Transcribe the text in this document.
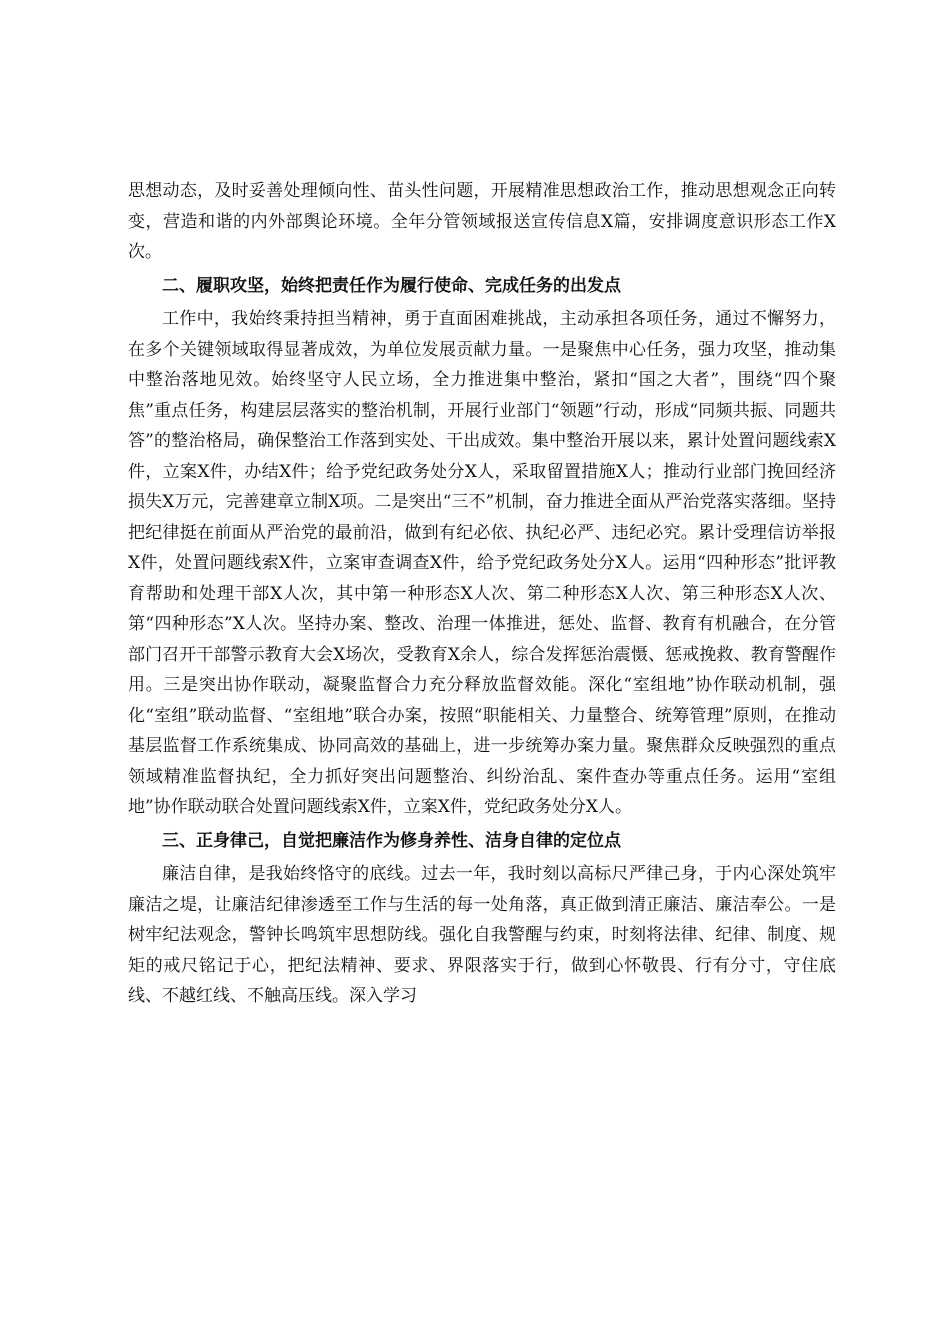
思想动态，及时妥善处理倾向性、苗头性问题，开展精准思想政治工作，推动思想观念正向转变，营造和谐的内外部舆论环境。全年分管领域报送宣传信息X篇，安排调度意识形态工作X次。

二、履职攻坚，始终把责任作为履行使命、完成任务的出发点

工作中，我始终秉持担当精神，勇于直面困难挑战，主动承担各项任务，通过不懈努力，在多个关键领域取得显著成效，为单位发展贡献力量。一是聚焦中心任务，强力攻坚，推动集中整治落地见效。始终坚守人民立场，全力推进集中整治，紧扣“国之大者”，围绕“四个聚焦”重点任务，构建层层落实的整治机制，开展行业部门“领题”行动，形成“同频共振、同题共答”的整治格局，确保整治工作落到实处、干出成效。集中整治开展以来，累计处置问题线索X件，立案X件，办结X件；给予党纪政务处分X人，采取留置措施X人；推动行业部门挽回经济损失X万元，完善建章立制X项。二是突出“三不”机制，奋力推进全面从严治党落实落细。坚持把纪律挺在前面从严治党的最前沿，做到有纪必依、执纪必严、违纪必究。累计受理信访举报X件，处置问题线索X件，立案审查调查X件，给予党纪政务处分X人。运用“四种形态”批评教育帮助和处理干部X人次，其中第一种形态X人次、第二种形态X人次、第三种形态X人次、第“四种形态”X人次。坚持办案、整改、治理一体推进，惩处、监督、教育有机融合，在分管部门召开干部警示教育大会X场次，受教育X余人，综合发挥惩治震慑、惩戒挽救、教育警醒作用。三是突出协作联动，凝聚监督合力充分释放监督效能。深化“室组地”协作联动机制，强化“室组”联动监督、“室组地”联合办案，按照“职能相关、力量整合、统筹管理”原则，在推动基层监督工作系统集成、协同高效的基础上，进一步统筹办案力量。聚焦群众反映强烈的重点领域精准监督执纪，全力抓好突出问题整治、纠纷治乱、案件查办等重点任务。运用“室组地”协作联动联合处置问题线索X件，立案X件，党纪政务处分X人。

三、正身律己，自觉把廉洁作为修身养性、洁身自律的定位点

廉洁自律，是我始终恪守的底线。过去一年，我时刻以高标尺严律己身，于内心深处筑牢廉洁之堤，让廉洁纪律渗透至工作与生活的每一处角落，真正做到清正廉洁、廉洁奉公。一是树牢纪法观念，警钟长鸣筑牢思想防线。强化自我警醒与约束，时刻将法律、纪律、制度、规矩的戒尺铭记于心，把纪法精神、要求、界限落实于行，做到心怀敬畏、行有分寸，守住底线、不越红线、不触高压线。深入学习
